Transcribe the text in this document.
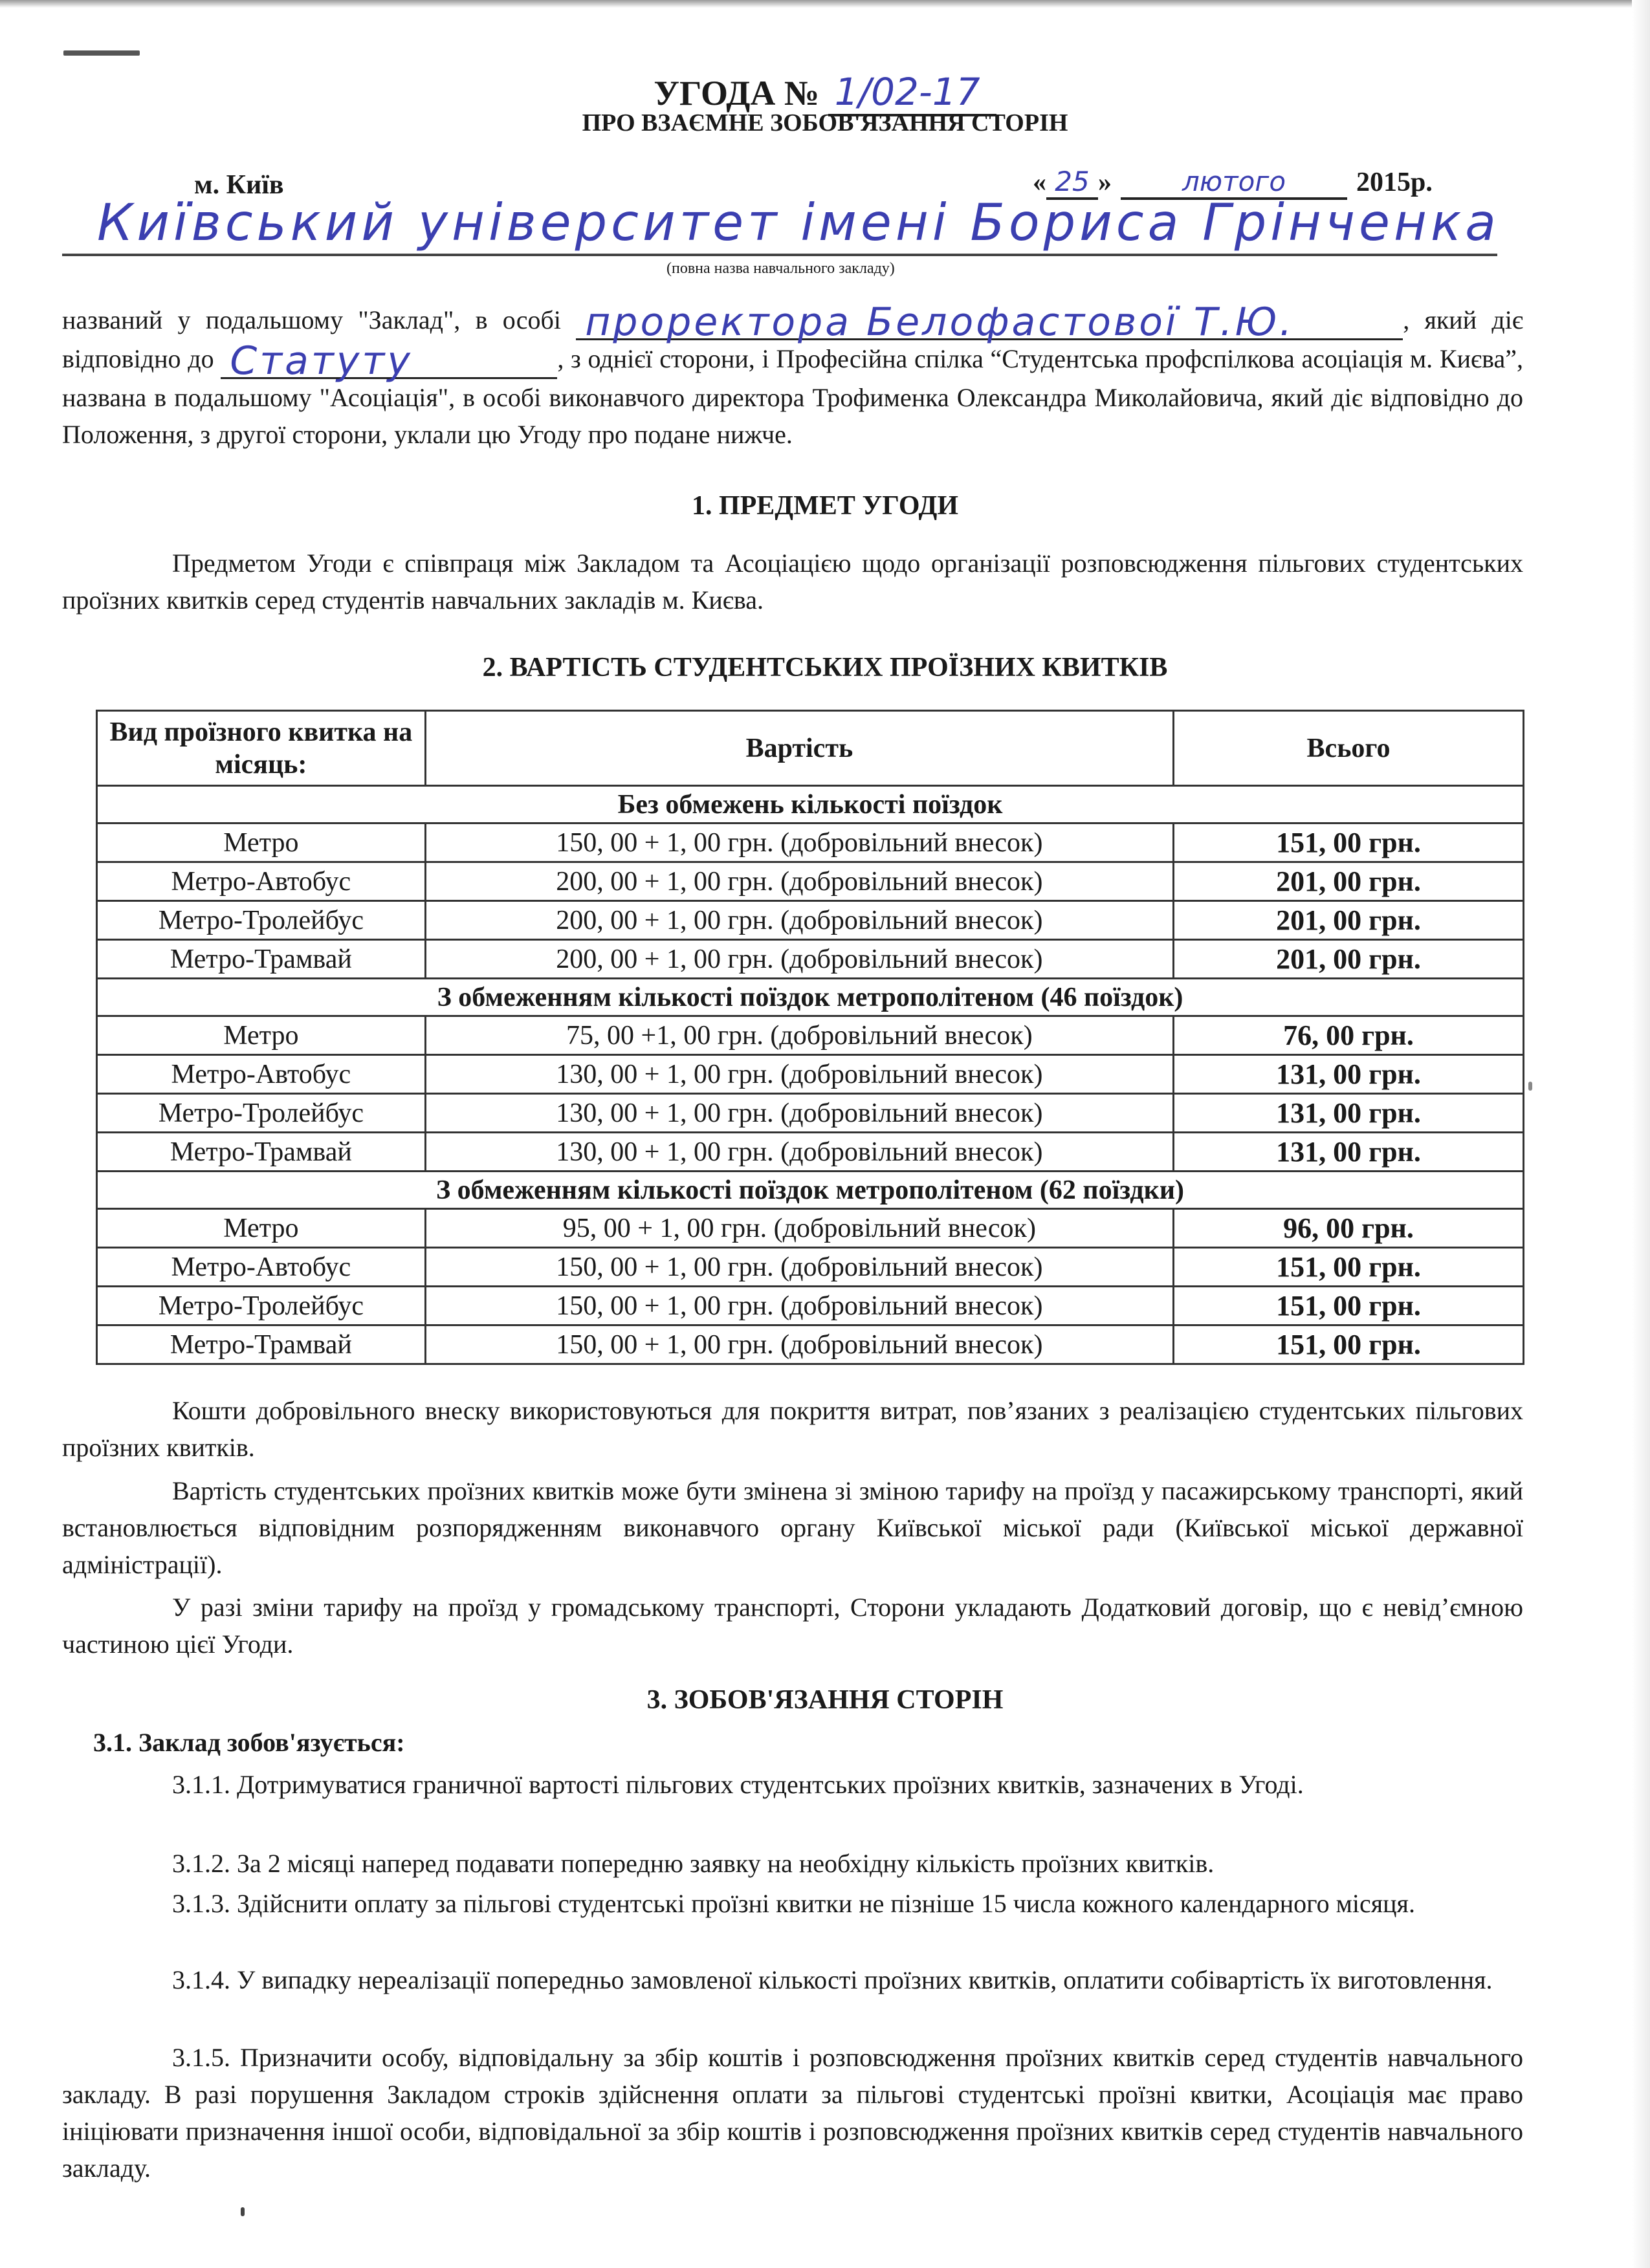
УГОДА № 1/02-17
ПРО ВЗАЄМНЕ ЗОБОВ'ЯЗАННЯ СТОРІН
м. Київ	« 25 »	лютого	2015р.
Київський університет імені Бориса Грінченка
(повна назва навчального закладу)
названий у подальшому "Заклад", в особі проректора Белофастової Т.Ю.	, який діє відповідно до Статуту	, з однієї сторони, і Професійна спілка “Студентська профспілкова асоціація м. Києва”, названа в подальшому "Асоціація", в особі виконавчого директора Трофименка Олександра Миколайовича, який діє відповідно до Положення, з другої сторони, уклали цю Угоду про подане нижче.
1. ПРЕДМЕТ УГОДИ
Предметом Угоди є співпраця між Закладом та Асоціацією щодо організації розповсюдження пільгових студентських проїзних квитків серед студентів навчальних закладів м. Києва.
2. ВАРТІСТЬ СТУДЕНТСЬКИХ ПРОЇЗНИХ КВИТКІВ
Вид проїзного квитка на місяць:	Вартість	Всього
Без обмежень кількості поїздок		
Метро	150, 00 + 1, 00 грн. (добровільний внесок)	151, 00 грн.
Метро-Автобус	200, 00 + 1, 00 грн. (добровільний внесок)	201, 00 грн.
Метро-Тролейбус	200, 00 + 1, 00 грн. (добровільний внесок)	201, 00 грн.
Метро-Трамвай	200, 00 + 1, 00 грн. (добровільний внесок)	201, 00 грн.
З обмеженням кількості поїздок метрополітеном (46 поїздок)		
Метро	75, 00 +1, 00 грн. (добровільний внесок)	76, 00 грн.
Метро-Автобус	130, 00 + 1, 00 грн. (добровільний внесок)	131, 00 грн.
Метро-Тролейбус	130, 00 + 1, 00 грн. (добровільний внесок)	131, 00 грн.
Метро-Трамвай	130, 00 + 1, 00 грн. (добровільний внесок)	131, 00 грн.
З обмеженням кількості поїздок метрополітеном (62 поїздки)		
Метро	95, 00 + 1, 00 грн. (добровільний внесок)	96, 00 грн.
Метро-Автобус	150, 00 + 1, 00 грн. (добровільний внесок)	151, 00 грн.
Метро-Тролейбус	150, 00 + 1, 00 грн. (добровільний внесок)	151, 00 грн.
Метро-Трамвай	150, 00 + 1, 00 грн. (добровільний внесок)	151, 00 грн.
Кошти добровільного внеску використовуються для покриття витрат, пов’язаних з реалізацією студентських пільгових проїзних квитків.
Вартість студентських проїзних квитків може бути змінена зі зміною тарифу на проїзд у пасажирському транспорті, який встановлюється відповідним розпорядженням виконавчого органу Київської міської ради (Київської міської державної адміністрації).
У разі зміни тарифу на проїзд у громадському транспорті, Сторони укладають Додатковий договір, що є невід’ємною частиною цієї Угоди.
3. ЗОБОВ'ЯЗАННЯ СТОРІН
3.1. Заклад зобов'язується:
3.1.1. Дотримуватися граничної вартості пільгових студентських проїзних квитків, зазначених в Угоді.
3.1.2. За 2 місяці наперед подавати попередню заявку на необхідну кількість проїзних квитків.
3.1.3. Здійснити оплату за пільгові студентські проїзні квитки не пізніше 15 числа кожного календарного місяця.
3.1.4. У випадку нереалізації попередньо замовленої кількості проїзних квитків, оплатити собівартість їх виготовлення.
3.1.5. Призначити особу, відповідальну за збір коштів і розповсюдження проїзних квитків серед студентів навчального закладу. В разі порушення Закладом строків здійснення оплати за пільгові студентські проїзні квитки, Асоціація має право ініціювати призначення іншої особи, відповідальної за збір коштів і розповсюдження проїзних квитків серед студентів навчального закладу.
